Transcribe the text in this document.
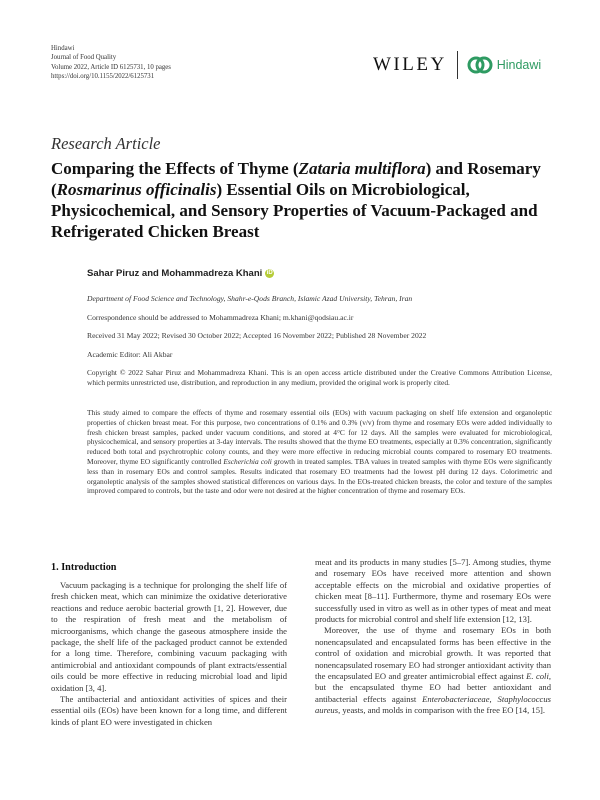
Hindawi
Journal of Food Quality
Volume 2022, Article ID 6125731, 10 pages
https://doi.org/10.1155/2022/6125731
WILEY	Hindawi
Research Article
Comparing the Effects of Thyme (Zataria multiflora) and Rosemary (Rosmarinus officinalis) Essential Oils on Microbiological, Physicochemical, and Sensory Properties of Vacuum-Packaged and Refrigerated Chicken Breast
Sahar Piruz and Mohammadreza Khani iD
Department of Food Science and Technology, Shahr-e-Qods Branch, Islamic Azad University, Tehran, Iran
Correspondence should be addressed to Mohammadreza Khani; m.khani@qodsiau.ac.ir
Received 31 May 2022; Revised 30 October 2022; Accepted 16 November 2022; Published 28 November 2022
Academic Editor: Ali Akbar
Copyright © 2022 Sahar Piruz and Mohammadreza Khani. This is an open access article distributed under the Creative Commons Attribution License, which permits unrestricted use, distribution, and reproduction in any medium, provided the original work is properly cited.
This study aimed to compare the effects of thyme and rosemary essential oils (EOs) with vacuum packaging on shelf life extension and organoleptic properties of chicken breast meat. For this purpose, two concentrations of 0.1% and 0.3% (v/v) from thyme and rosemary EOs were added individually to fresh chicken breast samples, packed under vacuum conditions, and stored at 4°C for 12 days. All the samples were evaluated for microbiological, physicochemical, and sensory properties at 3-day intervals. The results showed that the thyme EO treatments, especially at 0.3% concentration, significantly reduced both total and psychrotrophic colony counts, and they were more effective in reducing microbial counts compared to rosemary EO treatments. Moreover, thyme EO significantly controlled Escherichia coli growth in treated samples. TBA values in treated samples with thyme EOs were significantly less than in rosemary EOs and control samples. Results indicated that rosemary EO treatments had the lowest pH during 12 days. Colorimetric and organoleptic analysis of the samples showed statistical differences on various days. In the EOs-treated chicken breasts, the color and texture of the samples improved compared to controls, but the taste and odor were not desired at the higher concentration of thyme and rosemary EOs.
1. Introduction

Vacuum packaging is a technique for prolonging the shelf life of fresh chicken meat, which can minimize the oxidative deteriorative reactions and reduce aerobic bacterial growth [1, 2]. However, due to the respiration of fresh meat and the metabolism of microorganisms, which change the gaseous atmosphere inside the package, the shelf life of the packaged product cannot be extended for a long time. Therefore, combining vacuum packaging with antimicrobial and antioxidant compounds of plant extracts/essential oils could be more effective in reducing microbial load and lipid oxidation [3, 4].

The antibacterial and antioxidant activities of spices and their essential oils (EOs) have been known for a long time, and different kinds of plant EO were investigated in chicken

meat and its products in many studies [5–7]. Among studies, thyme and rosemary EOs have received more attention and shown acceptable effects on the microbial and oxidative properties of chicken meat [8–11]. Furthermore, thyme and rosemary EOs were successfully used in vitro as well as in other types of meat and meat products for microbial control and shelf life extension [12, 13].

Moreover, the use of thyme and rosemary EOs in both nonencapsulated and encapsulated forms has been effective in the control of oxidation and microbial growth. It was reported that nonencapsulated rosemary EO had stronger antioxidant activity than the encapsulated EO and greater antimicrobial effect against E. coli, but the encapsulated thyme EO had better antioxidant and antibacterial effects against Enterobacteriaceae, Staphylococcus aureus, yeasts, and molds in comparison with the free EO [14, 15].
